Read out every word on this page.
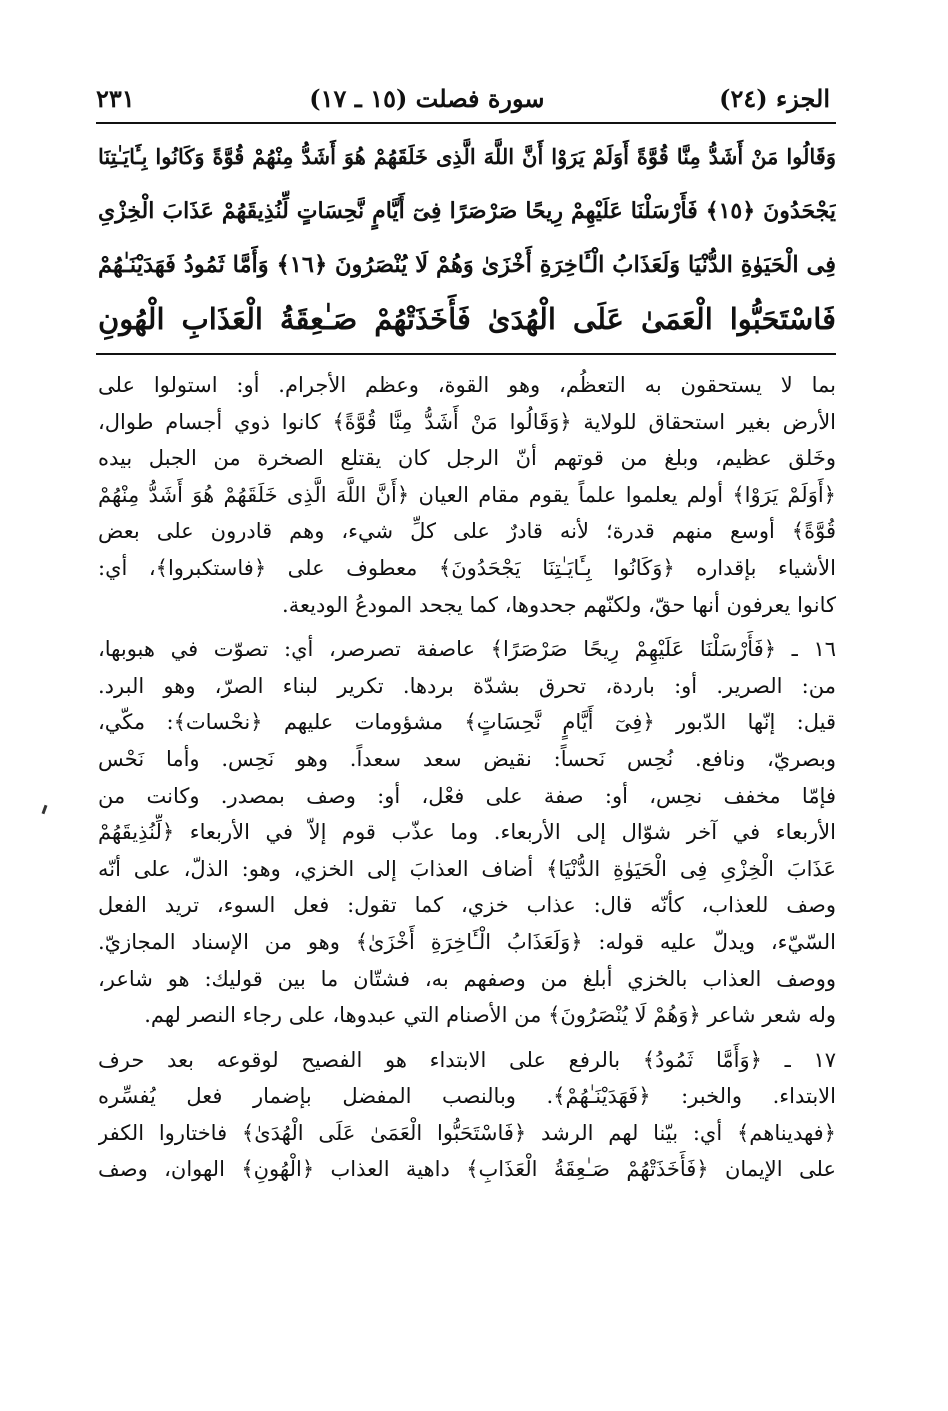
الجزء (٢٤)
سورة فصلت (١٥ ـ ١٧)
٢٣١
وَقَالُوا مَنْ أَشَدُّ مِنَّا قُوَّةً أَوَلَمْ يَرَوْا أَنَّ اللَّهَ الَّذِى خَلَقَهُمْ هُوَ أَشَدُّ مِنْهُمْ قُوَّةً وَكَانُوا بِـَٔايَـٰتِنَا
يَجْحَدُونَ ﴿١٥﴾ فَأَرْسَلْنَا عَلَيْهِمْ رِيحًا صَرْصَرًا فِىٓ أَيَّامٍ نَّحِسَاتٍ لِّنُذِيقَهُمْ عَذَابَ الْخِزْىِ
فِى الْحَيَوٰةِ الدُّنْيَا وَلَعَذَابُ الْـَٔاخِرَةِ أَخْزَىٰ وَهُمْ لَا يُنْصَرُونَ ﴿١٦﴾ وَأَمَّا ثَمُودُ فَهَدَيْنَـٰهُمْ
فَاسْتَحَبُّوا الْعَمَىٰ عَلَى الْهُدَىٰ فَأَخَذَتْهُمْ صَـٰعِقَةُ الْعَذَابِ الْهُونِ
بما لا يستحقون به التعظُم، وهو القوة، وعظم الأجرام. أو: استولوا على
الأرض بغير استحقاق للولاية ﴿وَقَالُوا مَنْ أَشَدُّ مِنَّا قُوَّةً﴾ كانوا ذوي أجسام طوال،
وخَلق عظيم، وبلغ من قوتهم أنّ الرجل كان يقتلع الصخرة من الجبل بيده
﴿أَوَلَمْ يَرَوْا﴾ أولم يعلموا علماً يقوم مقام العيان ﴿أَنَّ اللَّهَ الَّذِى خَلَقَهُمْ هُوَ أَشَدُّ مِنْهُمْ
قُوَّةً﴾ أوسع منهم قدرة؛ لأنه قادرٌ على كلِّ شيء، وهم قادرون على بعض
الأشياء بإقداره ﴿وَكَانُوا بِـَٔايَـٰتِنَا يَجْحَدُونَ﴾ معطوف على ﴿فاستكبروا﴾، أي:
كانوا يعرفون أنها حقّ، ولكنّهم جحدوها، كما يجحد المودعُ الوديعة.
١٦ ـ ﴿فَأَرْسَلْنَا عَلَيْهِمْ رِيحًا صَرْصَرًا﴾ عاصفة تصرصر، أي: تصوّت في هبوبها،
من: الصرير. أو: باردة، تحرق بشدّة بردها. تكرير لبناء الصرّ، وهو البرد.
قيل: إنّها الدّبور ﴿فِىٓ أَيَّامٍ نَّحِسَاتٍ﴾ مشؤومات عليهم ﴿نحْسات﴾: مكّي،
وبصريّ، ونافع. نُحِس نَحساً: نقيض سعد سعداً. وهو نَحِس. وأما نَحْس
فإمّا مخفف نحِس، أو: صفة على فعْل، أو: وصف بمصدر. وكانت من
الأربعاء في آخر شوّال إلى الأربعاء. وما عذّب قوم إلاّ في الأربعاء ﴿لِّنُذِيقَهُمْ
عَذَابَ الْخِزْىِ فِى الْحَيَوٰةِ الدُّنْيَا﴾ أضاف العذابَ إلى الخزي، وهو: الذلّ، على أنّه
وصف للعذاب، كأنّه قال: عذاب خزي، كما تقول: فعل السوء، تريد الفعل
السّيّء، ويدلّ عليه قوله: ﴿وَلَعَذَابُ الْـَٔاخِرَةِ أَخْزَىٰ﴾ وهو من الإسناد المجازيّ.
ووصف العذاب بالخزي أبلغ من وصفهم به، فشتّان ما بين قوليك: هو شاعر،
وله شعر شاعر ﴿وَهُمْ لَا يُنْصَرُونَ﴾ من الأصنام التي عبدوها، على رجاء النصر لهم.
١٧ ـ ﴿وَأَمَّا ثَمُودُ﴾ بالرفع على الابتداء هو الفصيح لوقوعه بعد حرف
الابتداء. والخبر: ﴿فَهَدَيْنَـٰهُمْ﴾. وبالنصب المفضل بإضمار فعل يُفسِّره
﴿فهديناهم﴾ أي: بيّنا لهم الرشد ﴿فَاسْتَحَبُّوا الْعَمَىٰ عَلَى الْهُدَىٰ﴾ فاختاروا الكفر
على الإيمان ﴿فَأَخَذَتْهُمْ صَـٰعِقَةُ الْعَذَابِ﴾ داهية العذاب ﴿الْهُونِ﴾ الهوان، وصف
